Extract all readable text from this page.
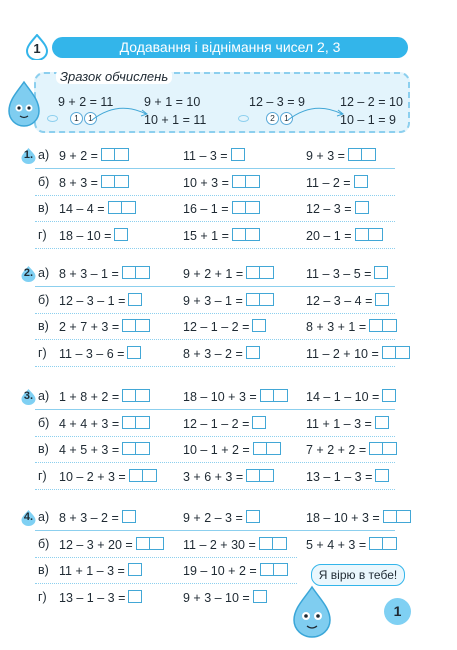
1	Додавання і віднімання чисел 2, 3
Зразок обчислень
9 + 2 = 11 9 + 1 = 10
10 + 1 = 11
1	1
12 – 3 = 9	12 – 2 = 10
10 – 1 = 9
2	1
1. а) 9 + 2 =	11 – 3 =	9 + 3 =
б) 8 + 3 =	10 + 3 =	11 – 2 =
в) 14 – 4 =	16 – 1 =	12 – 3 =
г) 18 – 10 =	15 + 1 =	20 – 1 =
2. а) 8 + 3 – 1 =	9 + 2 + 1 =	11 – 3 – 5 =
б) 12 – 3 – 1 =	9 + 3 – 1 =	12 – 3 – 4 =
в) 2 + 7 + 3 =	12 – 1 – 2 =	8 + 3 + 1 =
г) 11 – 3 – 6 =	8 + 3 – 2 =	11 – 2 + 10 =
3. а) 1 + 8 + 2 =	18 – 10 + 3 =	14 – 1 – 10 =
б) 4 + 4 + 3 =	12 – 1 – 2 =	11 + 1 – 3 =
в) 4 + 5 + 3 =	10 – 1 + 2 =	7 + 2 + 2 =
г) 10 – 2 + 3 =	3 + 6 + 3 =	13 – 1 – 3 =
4. а) 8 + 3 – 2 =	9 + 2 – 3 =	18 – 10 + 3 =
б) 12 – 3 + 20 =	11 – 2 + 30 =	5 + 4 + 3 =
в) 11 + 1 – 3 =	19 – 10 + 2 =
г) 13 – 1 – 3 =	9 + 3 – 10 =
Я вірю в тебе!
1
